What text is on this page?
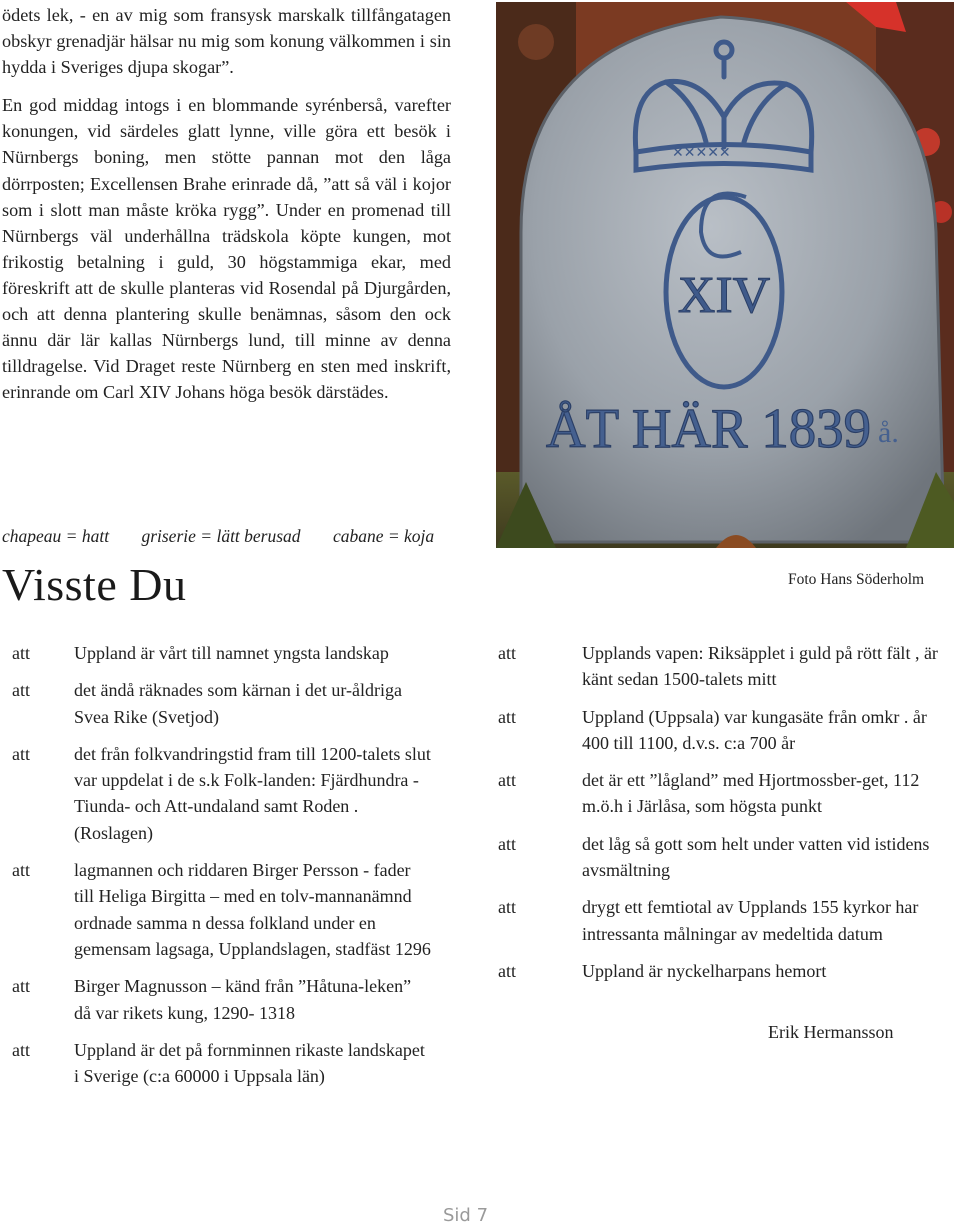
ödets lek, - en av mig som fransysk marskalk tillfångatagen obskyr grenadjär hälsar nu mig som konung välkommen i sin hydda i Sveriges djupa skogar”.

En god middag intogs i en blommande syrénberså, varefter konungen, vid särdeles glatt lynne, ville göra ett besök i Nürnbergs boning, men stötte pannan mot den låga dörrposten; Excellensen Brahe erinrade då, ”att så väl i kojor som i slott man måste kröka rygg”. Under en promenad till Nürnbergs väl underhållna trädskola köpte kungen, mot frikostig betalning i guld, 30 högstammiga ekar, med föreskrift att de skulle planteras vid Rosendal på Djurgården, och att denna plantering skulle benämnas, såsom den ock ännu där lär kallas Nürnbergs lund, till minne av denna tilldragelse. Vid Draget reste Nürnberg en sten med inskrift, erinrande om Carl XIV Johans höga besök därstädes.

chapeau = hatt griserie = lätt berusad cabane = koja
Visste Du
✕✕✕✕✕
XIV
ÅT HÄR 1839 å.
Foto Hans Söderholm
att Uppland är vårt till namnet yngsta landskap
att det ändå räknades som kärnan i det ur-åldriga Svea Rike (Svetjod)
att det från folkvandringstid fram till 1200-talets slut var uppdelat i de s.k Folk-landen: Fjärdhundra - Tiunda- och Att-undaland samt Roden . (Roslagen)
att lagmannen och riddaren Birger Persson - fader till Heliga Birgitta – med en tolv-mannanämnd ordnade samma n dessa folkland under en gemensam lagsaga, Upplandslagen, stadfäst 1296
att Birger Magnusson – känd från ”Håtuna-leken” då var rikets kung, 1290- 1318
att Uppland är det på fornminnen rikaste landskapet i Sverige (c:a 60000 i Uppsala län)
att	Upplands vapen: Riksäpplet i guld på rött fält , är känt sedan 1500-talets mitt
att	Uppland (Uppsala) var kungasäte från omkr . år 400 till 1100, d.v.s. c:a 700 år
att	det är ett ”lågland” med Hjortmossber-get, 112 m.ö.h i Järlåsa, som högsta punkt
att	det låg så gott som helt under vatten vid istidens avsmältning
att	drygt ett femtiotal av Upplands 155 kyrkor har intressanta målningar av medeltida datum
att	Uppland är nyckelharpans hemort
Erik Hermansson
Sid 7
